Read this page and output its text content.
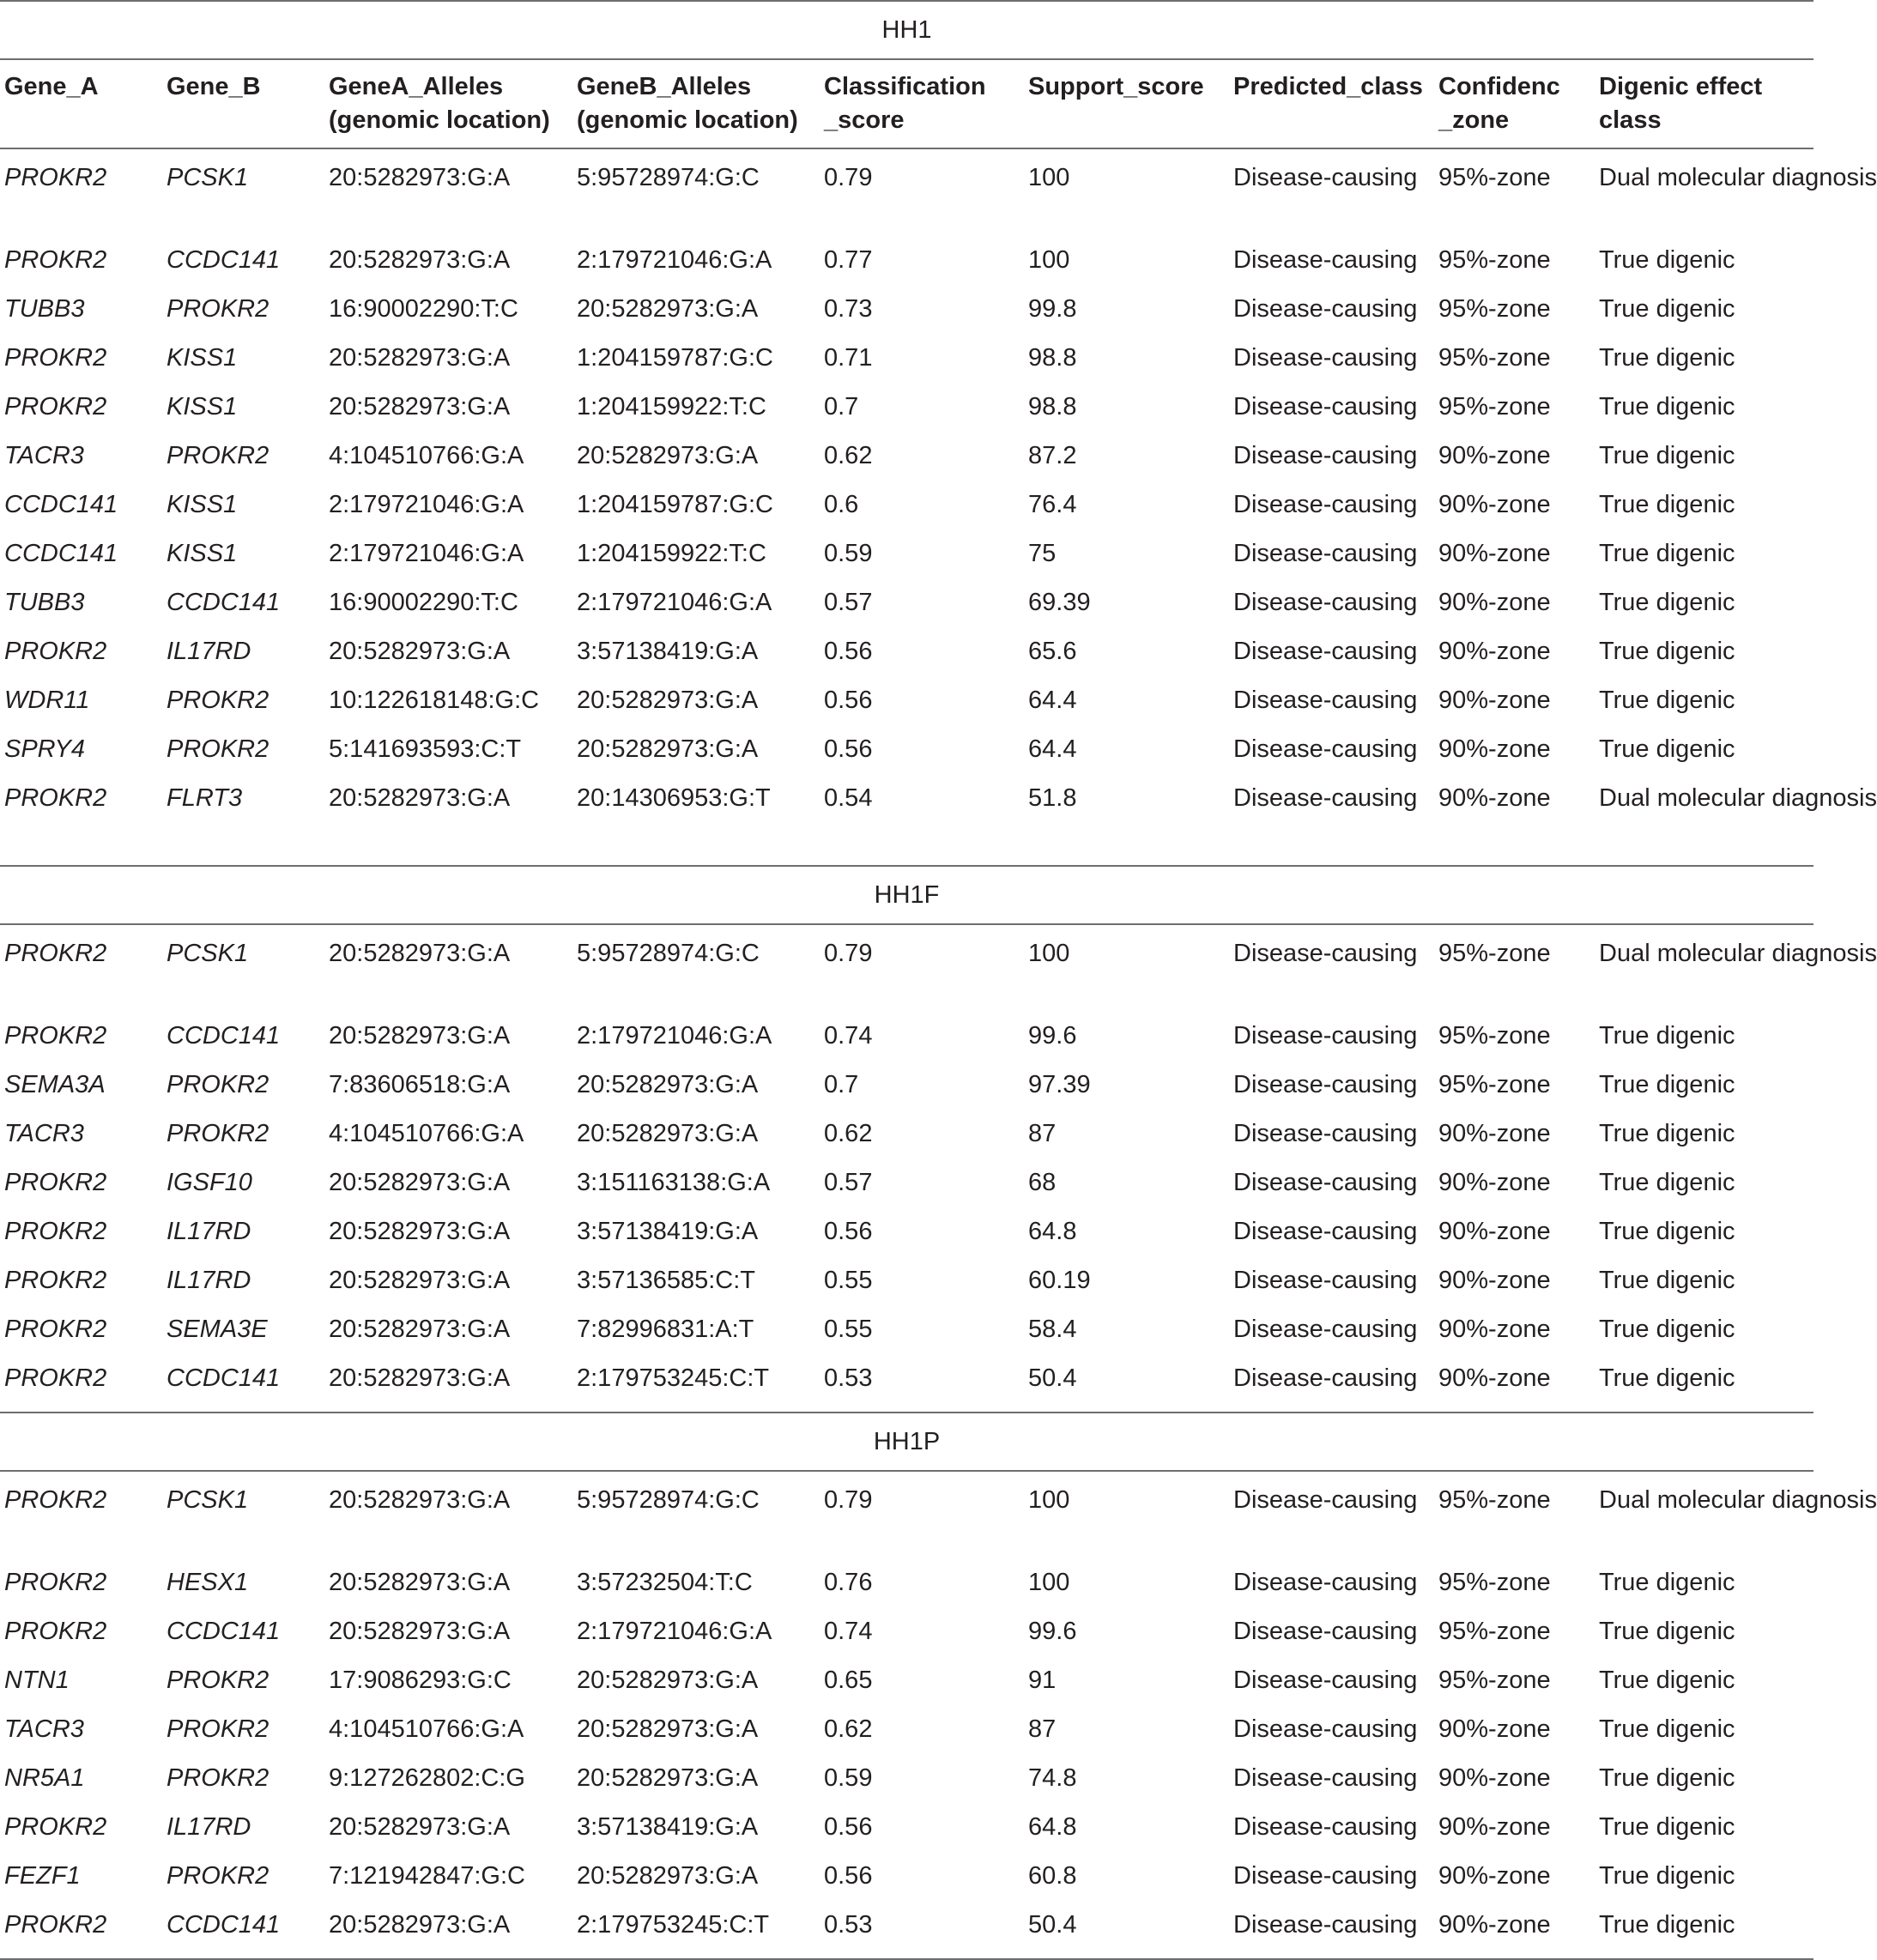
HH1								
Gene_A	Gene_B	GeneA_Alleles (genomic location)	GeneB_Alleles (genomic location)	Classification _score	Support_score	Predicted_class	Confidenc _zone	Digenic effect class
PROKR2	PCSK1	20:5282973:G:A	5:95728974:G:C	0.79	100	Disease-causing	95%-zone	Dual molecular diagnosis
PROKR2	CCDC141	20:5282973:G:A	2:179721046:G:A	0.77	100	Disease-causing	95%-zone	True digenic
TUBB3	PROKR2	16:90002290:T:C	20:5282973:G:A	0.73	99.8	Disease-causing	95%-zone	True digenic
PROKR2	KISS1	20:5282973:G:A	1:204159787:G:C	0.71	98.8	Disease-causing	95%-zone	True digenic
PROKR2	KISS1	20:5282973:G:A	1:204159922:T:C	0.7	98.8	Disease-causing	95%-zone	True digenic
TACR3	PROKR2	4:104510766:G:A	20:5282973:G:A	0.62	87.2	Disease-causing	90%-zone	True digenic
CCDC141	KISS1	2:179721046:G:A	1:204159787:G:C	0.6	76.4	Disease-causing	90%-zone	True digenic
CCDC141	KISS1	2:179721046:G:A	1:204159922:T:C	0.59	75	Disease-causing	90%-zone	True digenic
TUBB3	CCDC141	16:90002290:T:C	2:179721046:G:A	0.57	69.39	Disease-causing	90%-zone	True digenic
PROKR2	IL17RD	20:5282973:G:A	3:57138419:G:A	0.56	65.6	Disease-causing	90%-zone	True digenic
WDR11	PROKR2	10:122618148:G:C	20:5282973:G:A	0.56	64.4	Disease-causing	90%-zone	True digenic
SPRY4	PROKR2	5:141693593:C:T	20:5282973:G:A	0.56	64.4	Disease-causing	90%-zone	True digenic
PROKR2	FLRT3	20:5282973:G:A	20:14306953:G:T	0.54	51.8	Disease-causing	90%-zone	Dual molecular diagnosis
HH1F								
PROKR2	PCSK1	20:5282973:G:A	5:95728974:G:C	0.79	100	Disease-causing	95%-zone	Dual molecular diagnosis
PROKR2	CCDC141	20:5282973:G:A	2:179721046:G:A	0.74	99.6	Disease-causing	95%-zone	True digenic
SEMA3A	PROKR2	7:83606518:G:A	20:5282973:G:A	0.7	97.39	Disease-causing	95%-zone	True digenic
TACR3	PROKR2	4:104510766:G:A	20:5282973:G:A	0.62	87	Disease-causing	90%-zone	True digenic
PROKR2	IGSF10	20:5282973:G:A	3:151163138:G:A	0.57	68	Disease-causing	90%-zone	True digenic
PROKR2	IL17RD	20:5282973:G:A	3:57138419:G:A	0.56	64.8	Disease-causing	90%-zone	True digenic
PROKR2	IL17RD	20:5282973:G:A	3:57136585:C:T	0.55	60.19	Disease-causing	90%-zone	True digenic
PROKR2	SEMA3E	20:5282973:G:A	7:82996831:A:T	0.55	58.4	Disease-causing	90%-zone	True digenic
PROKR2	CCDC141	20:5282973:G:A	2:179753245:C:T	0.53	50.4	Disease-causing	90%-zone	True digenic
HH1P								
PROKR2	PCSK1	20:5282973:G:A	5:95728974:G:C	0.79	100	Disease-causing	95%-zone	Dual molecular diagnosis
PROKR2	HESX1	20:5282973:G:A	3:57232504:T:C	0.76	100	Disease-causing	95%-zone	True digenic
PROKR2	CCDC141	20:5282973:G:A	2:179721046:G:A	0.74	99.6	Disease-causing	95%-zone	True digenic
NTN1	PROKR2	17:9086293:G:C	20:5282973:G:A	0.65	91	Disease-causing	95%-zone	True digenic
TACR3	PROKR2	4:104510766:G:A	20:5282973:G:A	0.62	87	Disease-causing	90%-zone	True digenic
NR5A1	PROKR2	9:127262802:C:G	20:5282973:G:A	0.59	74.8	Disease-causing	90%-zone	True digenic
PROKR2	IL17RD	20:5282973:G:A	3:57138419:G:A	0.56	64.8	Disease-causing	90%-zone	True digenic
FEZF1	PROKR2	7:121942847:G:C	20:5282973:G:A	0.56	60.8	Disease-causing	90%-zone	True digenic
PROKR2	CCDC141	20:5282973:G:A	2:179753245:C:T	0.53	50.4	Disease-causing	90%-zone	True digenic
